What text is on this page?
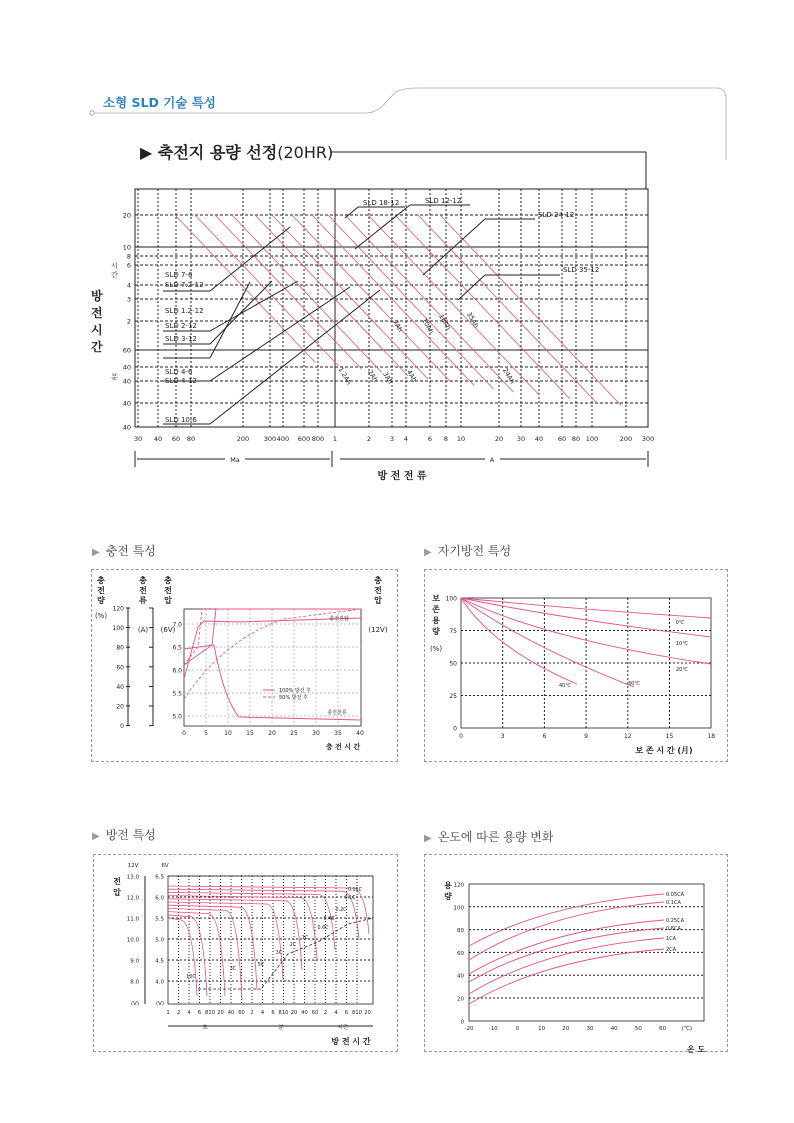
소형 SLD 기술 특성
▶ 축전지 용량 선정(20HR)
방
전
시
간
시
간
분
20
10
8
6
4
3
2
60
40
40
40
40
30 40 60 80	200 300 400 600 800 1	2	3 4	6 8 10	20 30 40 60 80 100	200 300
Ma	A
방 전 전 류
SLD 7-6
SLD 7.2-12
SLD 1.2-12
SLD 2-12
SLD 3-12
SLD 4-6
SLD 4-12
SLD 10-6
SLD 18-12	SLD 12-12
SLD 24-12
SLD 35-12
1.2Ah 2Ah 3Ah 4Ah
7Ah 10Ah 18Ah 35Ah
24Ah
▶ 충전 특성
충
전
량
(%)
충
전
류
(A)
충
전
압
(6V)
충
전
압
(12V)
120
100
80
60
40
20
0
7.0
6.5
6.0
5.5
5.0
0	5	10 15 20 25 30 35 40
충 전 시 간
충전전압
충전전류
100% 방전 후
50% 방전 후
▶ 자기방전 특성
보
존
용
량
(%)
100
75
50
25
0
0	3	6	9	12	15	18
보 존 시 간 (月)
0℃
10℃
20℃
30℃
40℃
▶ 방전 특성
전
압
12V	6V
13.0	6.5
12.0	6.0
11.0	5.5
10.0	5.0
9.0	4.5
8.0	4.0
(V)	(V)
1 2 4 6 810 20 40 60 2 4 6 810 20 40 60 2 4 6 810 20
초	분	시간
방 전 시 간
0.05C
0.1C
0.2C
0.4C
0.6C
1C
2C
3C
5C
3C
10C
▶ 온도에 따른 용량 변화
용
량
120
100
80
60
40
20
0
-20	-10	0	10	20	30	40	50	60	(℃)
온 도
0.05CA
0.1CA
0.25CA
0.6CA
1CA
2CA
